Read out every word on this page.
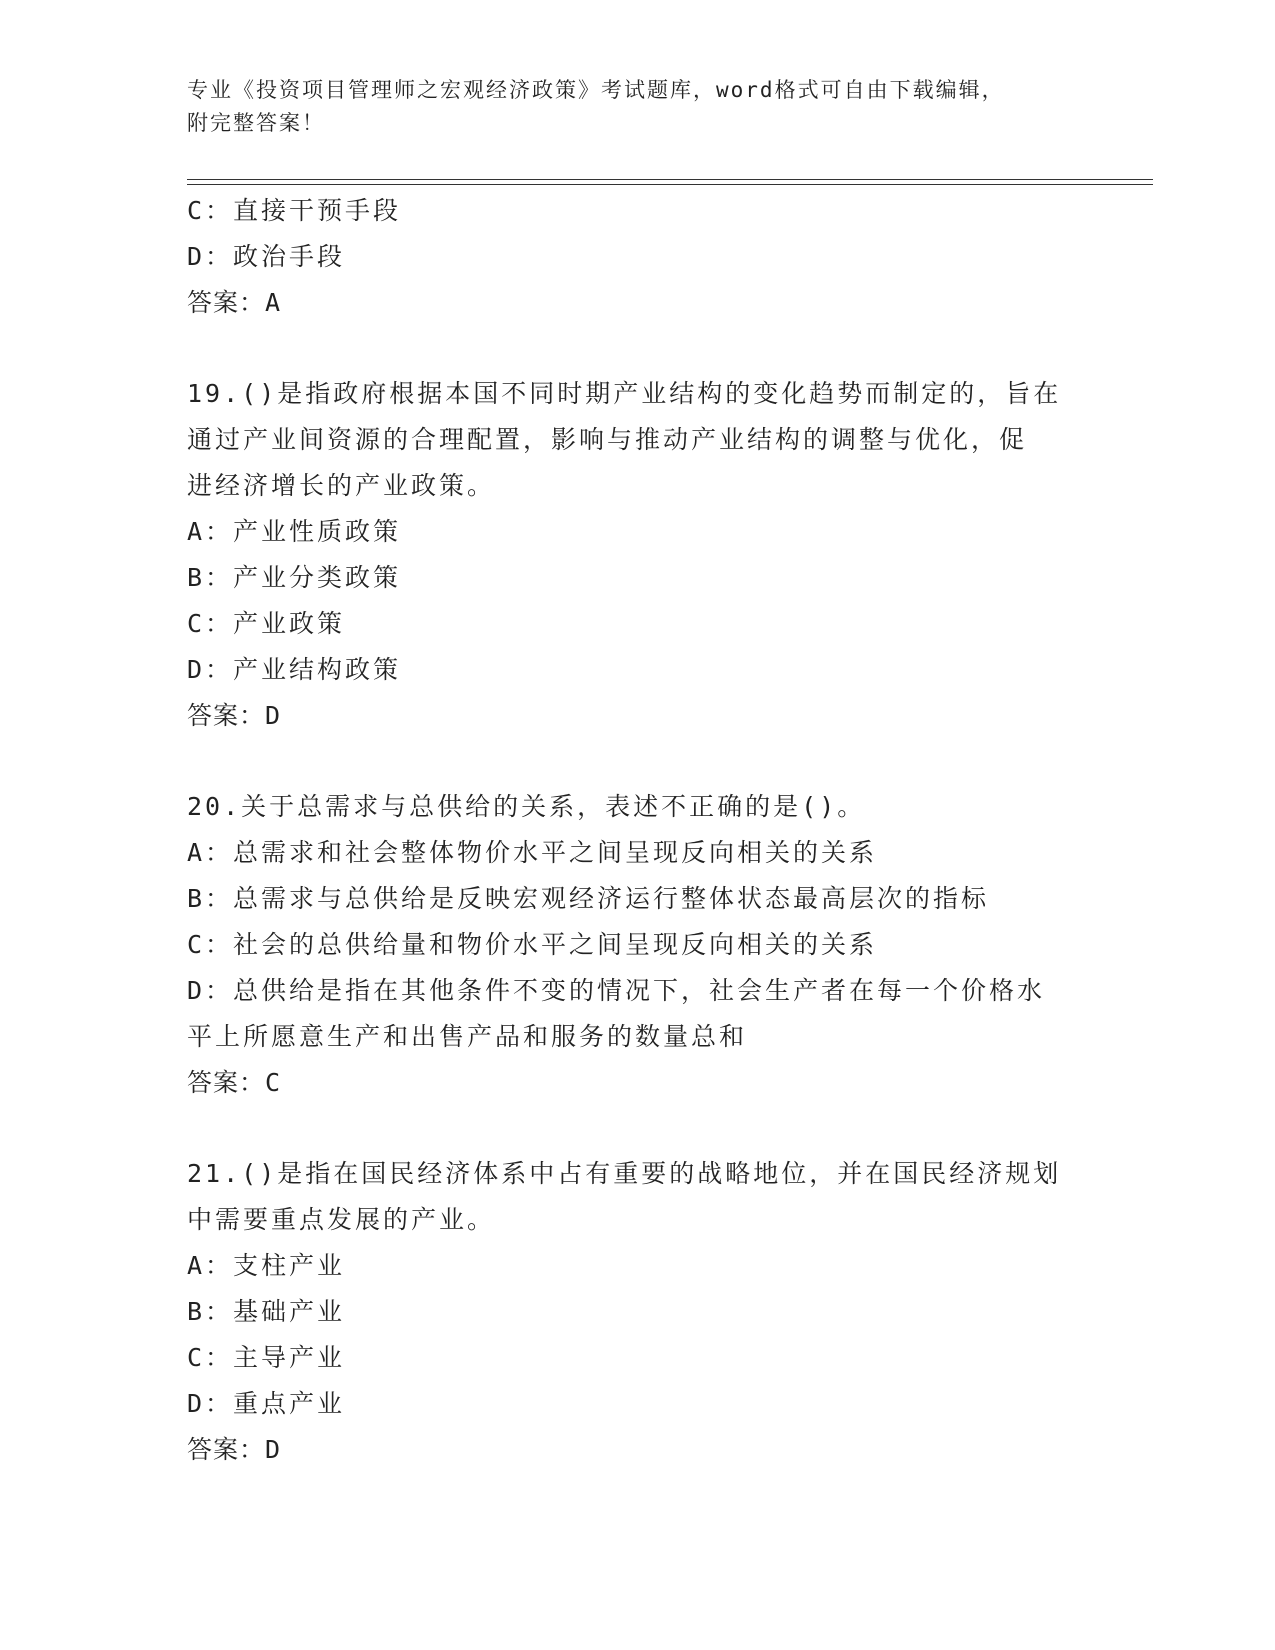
专业《投资项目管理师之宏观经济政策》考试题库，word格式可自由下载编辑，
附完整答案！
C：直接干预手段
D：政治手段
答案：A
19.()是指政府根据本国不同时期产业结构的变化趋势而制定的，旨在
通过产业间资源的合理配置，影响与推动产业结构的调整与优化，促
进经济增长的产业政策。
A：产业性质政策
B：产业分类政策
C：产业政策
D：产业结构政策
答案：D
20.关于总需求与总供给的关系，表述不正确的是()。
A：总需求和社会整体物价水平之间呈现反向相关的关系
B：总需求与总供给是反映宏观经济运行整体状态最高层次的指标
C：社会的总供给量和物价水平之间呈现反向相关的关系
D：总供给是指在其他条件不变的情况下，社会生产者在每一个价格水
平上所愿意生产和出售产品和服务的数量总和
答案：C
21.()是指在国民经济体系中占有重要的战略地位，并在国民经济规划
中需要重点发展的产业。
A：支柱产业
B：基础产业
C：主导产业
D：重点产业
答案：D
